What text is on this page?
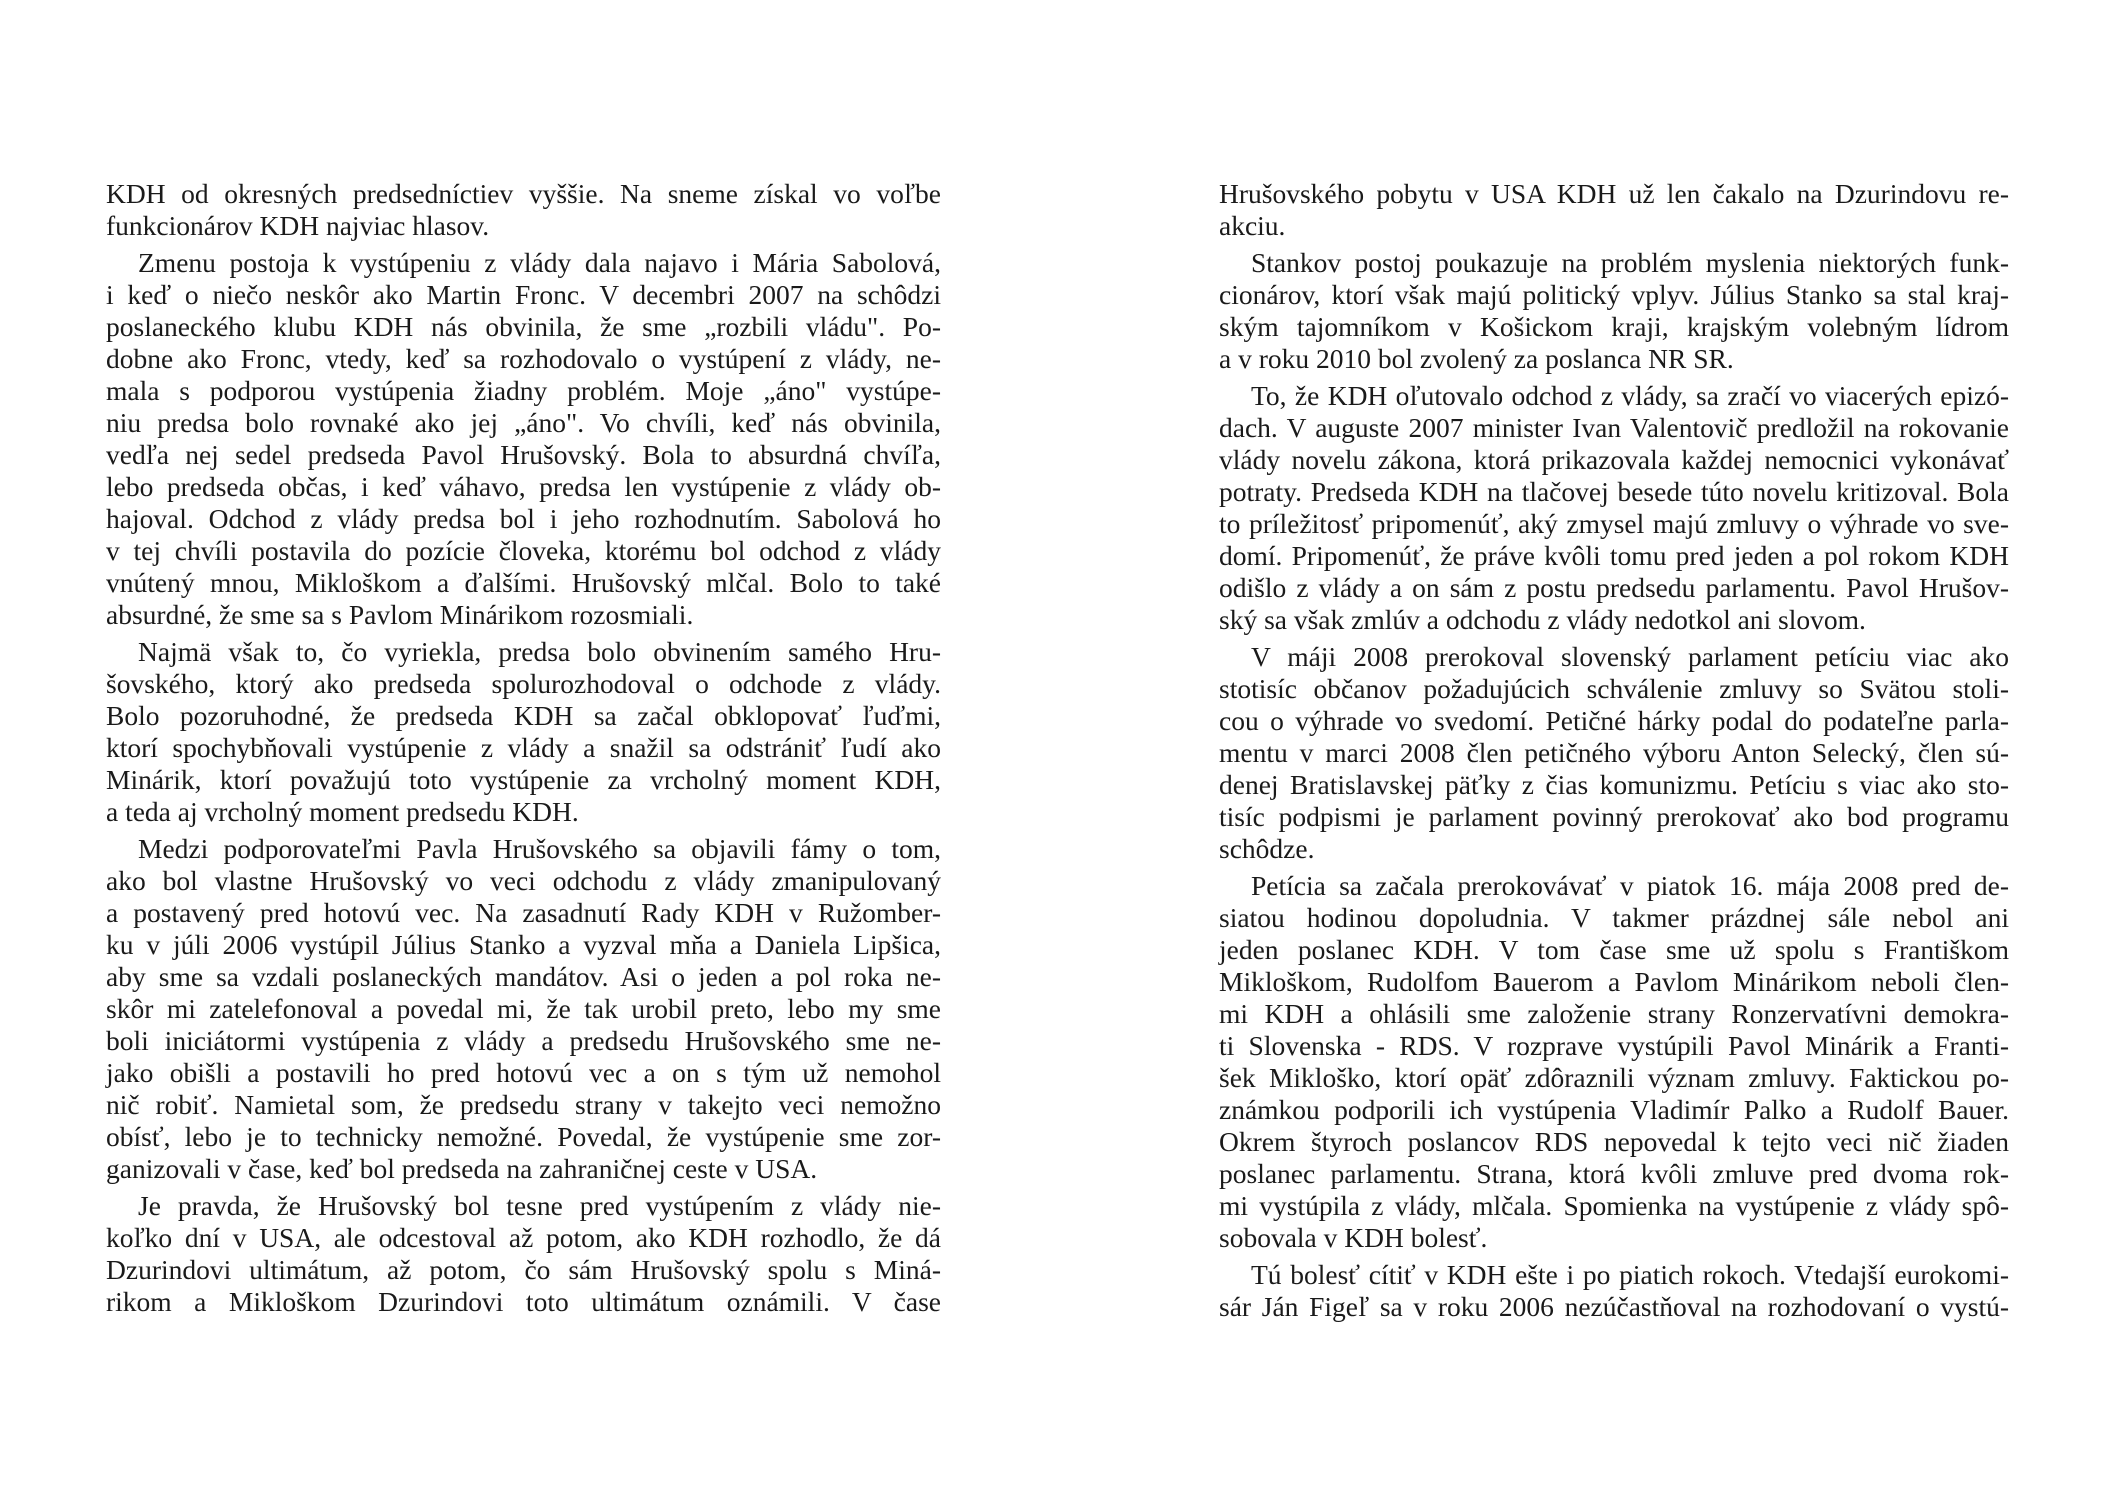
KDH od okresných predsedníctiev vyššie. Na sneme získal vo voľbe
funkcionárov KDH najviac hlasov.
Zmenu postoja k vystúpeniu z vlády dala najavo i Mária Sabolová,
i keď o niečo neskôr ako Martin Fronc. V decembri 2007 na schôdzi
poslaneckého klubu KDH nás obvinila, že sme „rozbili vládu". Po-
dobne ako Fronc, vtedy, keď sa rozhodovalo o vystúpení z vlády, ne-
mala s podporou vystúpenia žiadny problém. Moje „áno" vystúpe-
niu predsa bolo rovnaké ako jej „áno". Vo chvíli, keď nás obvinila,
vedľa nej sedel predseda Pavol Hrušovský. Bola to absurdná chvíľa,
lebo predseda občas, i keď váhavo, predsa len vystúpenie z vlády ob-
hajoval. Odchod z vlády predsa bol i jeho rozhodnutím. Sabolová ho
v tej chvíli postavila do pozície človeka, ktorému bol odchod z vlády
vnútený mnou, Mikloškom a ďalšími. Hrušovský mlčal. Bolo to také
absurdné, že sme sa s Pavlom Minárikom rozosmiali.
Najmä však to, čo vyriekla, predsa bolo obvinením samého Hru-
šovského, ktorý ako predseda spolurozhodoval o odchode z vlády.
Bolo pozoruhodné, že predseda KDH sa začal obklopovať ľuďmi,
ktorí spochybňovali vystúpenie z vlády a snažil sa odstrániť ľudí ako
Minárik, ktorí považujú toto vystúpenie za vrcholný moment KDH,
a teda aj vrcholný moment predsedu KDH.
Medzi podporovateľmi Pavla Hrušovského sa objavili fámy o tom,
ako bol vlastne Hrušovský vo veci odchodu z vlády zmanipulovaný
a postavený pred hotovú vec. Na zasadnutí Rady KDH v Ružomber-
ku v júli 2006 vystúpil Július Stanko a vyzval mňa a Daniela Lipšica,
aby sme sa vzdali poslaneckých mandátov. Asi o jeden a pol roka ne-
skôr mi zatelefonoval a povedal mi, že tak urobil preto, lebo my sme
boli iniciátormi vystúpenia z vlády a predsedu Hrušovského sme ne-
jako obišli a postavili ho pred hotovú vec a on s tým už nemohol
nič robiť. Namietal som, že predsedu strany v takejto veci nemožno
obísť, lebo je to technicky nemožné. Povedal, že vystúpenie sme zor-
ganizovali v čase, keď bol predseda na zahraničnej ceste v USA.
Je pravda, že Hrušovský bol tesne pred vystúpením z vlády nie-
koľko dní v USA, ale odcestoval až potom, ako KDH rozhodlo, že dá
Dzurindovi ultimátum, až potom, čo sám Hrušovský spolu s Miná-
rikom a Mikloškom Dzurindovi toto ultimátum oznámili. V čase
Hrušovského pobytu v USA KDH už len čakalo na Dzurindovu re-
akciu.
Stankov postoj poukazuje na problém myslenia niektorých funk-
cionárov, ktorí však majú politický vplyv. Július Stanko sa stal kraj-
ským tajomníkom v Košickom kraji, krajským volebným lídrom
a v roku 2010 bol zvolený za poslanca NR SR.
To, že KDH oľutovalo odchod z vlády, sa zračí vo viacerých epizó-
dach. V auguste 2007 minister Ivan Valentovič predložil na rokovanie
vlády novelu zákona, ktorá prikazovala každej nemocnici vykonávať
potraty. Predseda KDH na tlačovej besede túto novelu kritizoval. Bola
to príležitosť pripomenúť, aký zmysel majú zmluvy o výhrade vo sve-
domí. Pripomenúť, že práve kvôli tomu pred jeden a pol rokom KDH
odišlo z vlády a on sám z postu predsedu parlamentu. Pavol Hrušov-
ský sa však zmlúv a odchodu z vlády nedotkol ani slovom.
V máji 2008 prerokoval slovenský parlament petíciu viac ako
stotisíc občanov požadujúcich schválenie zmluvy so Svätou stoli-
cou o výhrade vo svedomí. Petičné hárky podal do podateľne parla-
mentu v marci 2008 člen petičného výboru Anton Selecký, člen sú-
denej Bratislavskej päťky z čias komunizmu. Petíciu s viac ako sto-
tisíc podpismi je parlament povinný prerokovať ako bod programu
schôdze.
Petícia sa začala prerokovávať v piatok 16. mája 2008 pred de-
siatou hodinou dopoludnia. V takmer prázdnej sále nebol ani
jeden poslanec KDH. V tom čase sme už spolu s Františkom
Mikloškom, Rudolfom Bauerom a Pavlom Minárikom neboli člen-
mi KDH a ohlásili sme založenie strany Ronzervatívni demokra-
ti Slovenska - RDS. V rozprave vystúpili Pavol Minárik a Franti-
šek Mikloško, ktorí opäť zdôraznili význam zmluvy. Faktickou po-
známkou podporili ich vystúpenia Vladimír Palko a Rudolf Bauer.
Okrem štyroch poslancov RDS nepovedal k tejto veci nič žiaden
poslanec parlamentu. Strana, ktorá kvôli zmluve pred dvoma rok-
mi vystúpila z vlády, mlčala. Spomienka na vystúpenie z vlády spô-
sobovala v KDH bolesť.
Tú bolesť cítiť v KDH ešte i po piatich rokoch. Vtedajší eurokomi-
sár Ján Figeľ sa v roku 2006 nezúčastňoval na rozhodovaní o vystú-
